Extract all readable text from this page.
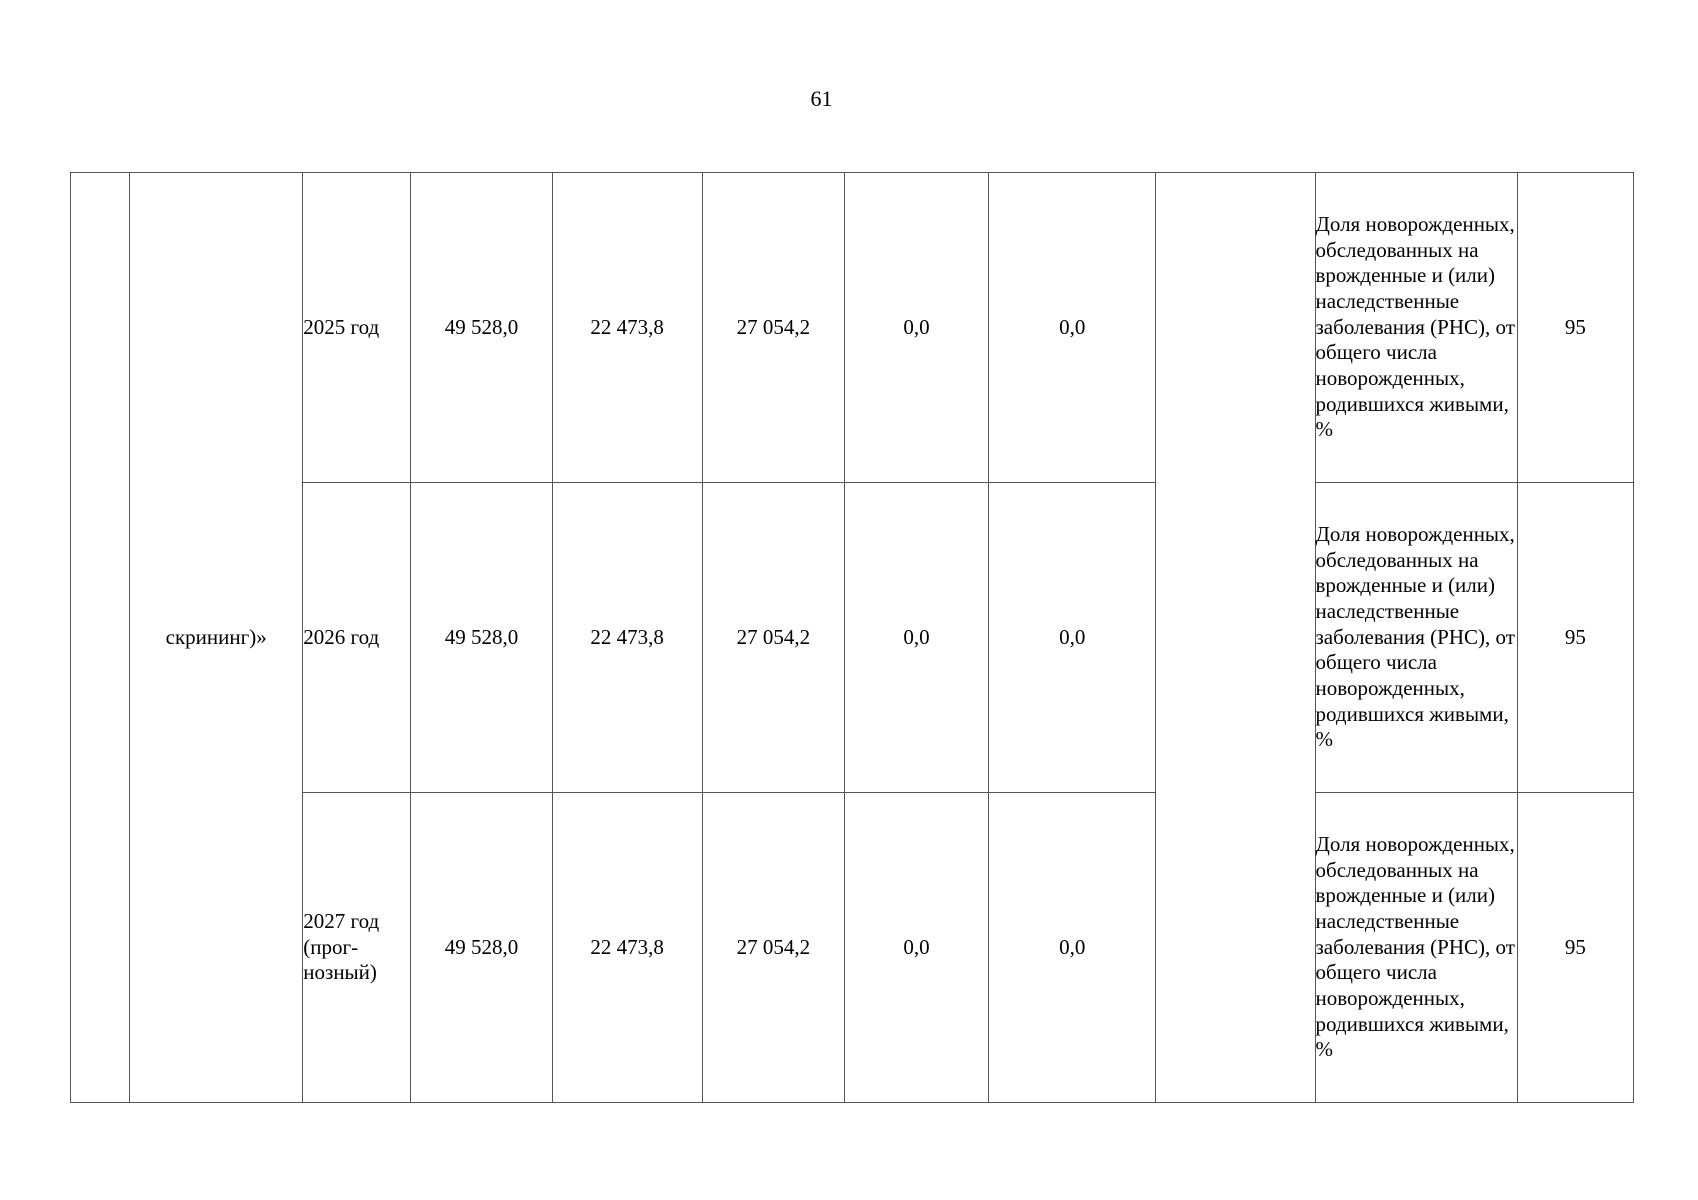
61
	скрининг)»	2025 год	49 528,0	22 473,8	27 054,2	0,0	0,0		Доля новорожденных, обследованных на врожденные и (или) наследственные заболевания (РНС), от общего числа новорожденных, родившихся живыми, %	95
		2026 год	49 528,0	22 473,8	27 054,2	0,0	0,0		Доля новорожденных, обследованных на врожденные и (или) наследственные заболевания (РНС), от общего числа новорожденных, родившихся живыми, %	95
		2027 год (прог-нозный)	49 528,0	22 473,8	27 054,2	0,0	0,0		Доля новорожденных, обследованных на врожденные и (или) наследственные заболевания (РНС), от общего числа новорожденных, родившихся живыми, %	95
